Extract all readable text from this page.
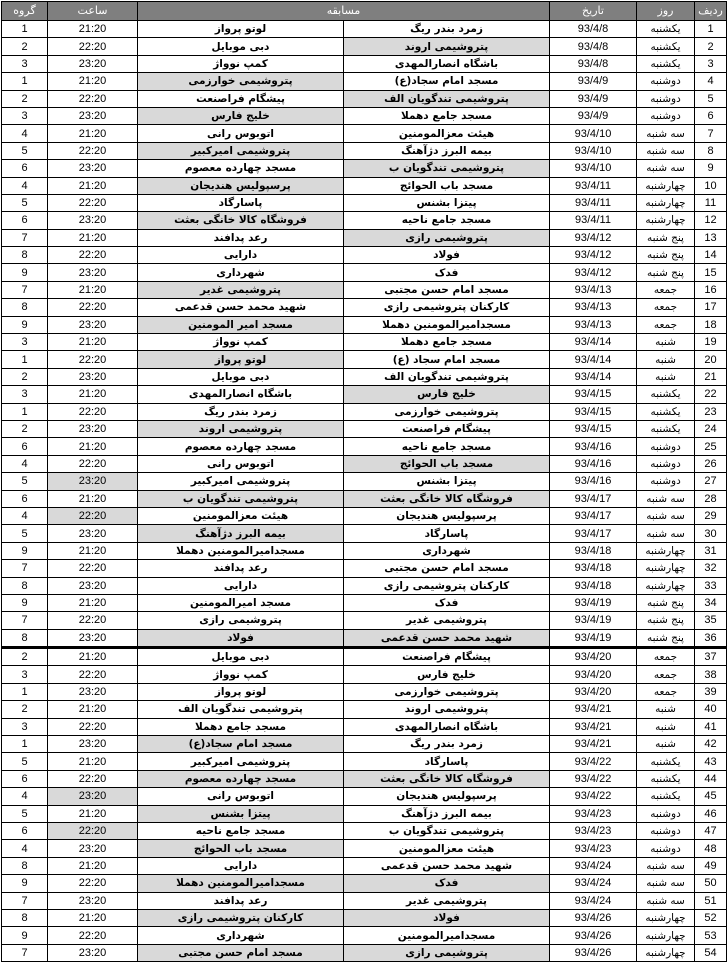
ردیف	روز	تاریخ	مسابقه		ساعت	گروه
1	یکشنبه	93/4/8	زمرد بندر ریگ	لوتو پرواز	21:20	1
2	یکشنبه	93/4/8	پتروشیمی اروند	دبی موبایل	22:20	2
3	یکشنبه	93/4/8	باشگاه انصارالمهدی	کمپ نوواژ	23:20	3
4	دوشنبه	93/4/9	مسجد امام سجاد(ع)	پتروشیمی خوارزمی	21:20	1
5	دوشنبه	93/4/9	پتروشیمی تندگویان الف	پیشگام فراصنعت	22:20	2
6	دوشنبه	93/4/9	مسجد جامع دهملا	خلیج فارس	23:20	3
7	سه شنبه	93/4/10	هیئت معزالمومنین	اتوبوس رانی	21:20	4
8	سه شنبه	93/4/10	بیمه البرز دژآهنگ	پتروشیمی امیرکبیر	22:20	5
9	سه شنبه	93/4/10	پتروشیمی تندگویان ب	مسجد چهارده معصوم	23:20	6
10	چهارشنبه	93/4/11	مسجد باب الحوائج	پرسپولیس هندیجان	21:20	4
11	چهارشنبه	93/4/11	پیتزا بشنس	پاسارگاد	22:20	5
12	چهارشنبه	93/4/11	مسجد جامع ناحیه	فروشگاه کالا خانگی بعثت	23:20	6
13	پنج شنبه	93/4/12	پتروشیمی رازی	رعد پدافند	21:20	7
14	پنج شنبه	93/4/12	فولاد	دارایی	22:20	8
15	پنج شنبه	93/4/12	فدک	شهرداری	23:20	9
16	جمعه	93/4/13	مسجد امام حسن مجتبی	پتروشیمی غدیر	21:20	7
17	جمعه	93/4/13	کارکنان پتروشیمی رازی	شهید محمد حسن قدعمی	22:20	8
18	جمعه	93/4/13	مسجدامیرالمومنین دهملا	مسجد امیر المومنین	23:20	9
19	شنبه	93/4/14	مسجد جامع دهملا	کمپ نوواژ	21:20	3
20	شنبه	93/4/14	مسجد امام سجاد (ع)	لوتو پرواز	22:20	1
21	شنبه	93/4/14	پتروشیمی تندگویان الف	دبی موبایل	23:20	2
22	یکشنبه	93/4/15	خلیج فارس	باشگاه انصارالمهدی	21:20	3
23	یکشنبه	93/4/15	پتروشیمی خوارزمی	زمرد بندر ریگ	22:20	1
24	یکشنبه	93/4/15	پیشگام فراصنعت	پتروشیمی اروند	23:20	2
25	دوشنبه	93/4/16	مسجد جامع ناحیه	مسجد چهارده معصوم	21:20	6
26	دوشنبه	93/4/16	مسجد باب الحوائج	اتوبوس رانی	22:20	4
27	دوشنبه	93/4/16	پیتزا بشنس	پتروشیمی امیرکبیر	23:20	5
28	سه شنبه	93/4/17	فروشگاه کالا خانگی بعثت	پتروشیمی تندگویان ب	21:20	6
29	سه شنبه	93/4/17	پرسپولیس هندیجان	هیئت معزالمومنین	22:20	4
30	سه شنبه	93/4/17	پاسارگاد	بیمه البرز دژآهنگ	23:20	5
31	چهارشنبه	93/4/18	شهرداری	مسجدامیرالمومنین دهملا	21:20	9
32	چهارشنبه	93/4/18	مسجد امام حسن مجتبی	رعد پدافند	22:20	7
33	چهارشنبه	93/4/18	کارکنان پتروشیمی رازی	دارایی	23:20	8
34	پنج شنبه	93/4/19	فدک	مسجد امیرالمومنین	21:20	9
35	پنج شنبه	93/4/19	پتروشیمی غدیر	پتروشیمی رازی	22:20	7
36	پنج شنبه	93/4/19	شهید محمد حسن قدعمی	فولاد	23:20	8
37	جمعه	93/4/20	پیشگام فراصنعت	دبی موبایل	21:20	2
38	جمعه	93/4/20	خلیج فارس	کمپ نوواژ	22:20	3
39	جمعه	93/4/20	پتروشیمی خوارزمی	لوتو پرواز	23:20	1
40	شنبه	93/4/21	پتروشیمی اروند	پتروشیمی تندگویان الف	21:20	2
41	شنبه	93/4/21	باشگاه انصارالمهدی	مسجد جامع دهملا	22:20	3
42	شنبه	93/4/21	زمرد بندر ریگ	مسجد امام سجاد(ع)	23:20	1
43	یکشنبه	93/4/22	پاسارگاد	پتروشیمی امیرکبیر	21:20	5
44	یکشنبه	93/4/22	فروشگاه کالا خانگی بعثت	مسجد چهارده معصوم	22:20	6
45	یکشنبه	93/4/22	پرسپولیس هندیجان	اتوبوس رانی	23:20	4
46	دوشنبه	93/4/23	بیمه البرز دژآهنگ	پیتزا بشنس	21:20	5
47	دوشنبه	93/4/23	پتروشیمی تندگویان ب	مسجد جامع ناحیه	22:20	6
48	دوشنبه	93/4/23	هیئت معزالمومنین	مسجد باب الحوائج	23:20	4
49	سه شنبه	93/4/24	شهید محمد حسن قدعمی	دارایی	21:20	8
50	سه شنبه	93/4/24	فدک	مسجدامیرالمومنین دهملا	22:20	9
51	سه شنبه	93/4/24	پتروشیمی غدیر	رعد پدافند	23:20	7
52	چهارشنبه	93/4/26	فولاد	کارکنان پتروشیمی رازی	21:20	8
53	چهارشنبه	93/4/26	مسجدامیرالمومنین	شهرداری	22:20	9
54	چهارشنبه	93/4/26	پتروشیمی رازی	مسجد امام حسن مجتبی	23:20	7
